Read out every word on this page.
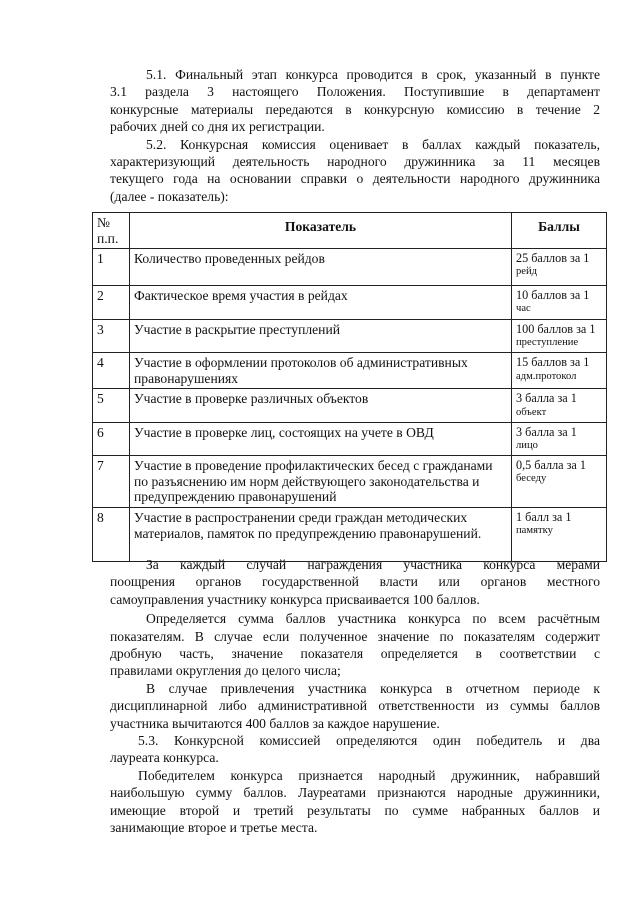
5.1. Финальный этап конкурса проводится в срок, указанный в пункте
3.1 раздела 3 настоящего Положения. Поступившие в департамент
конкурсные материалы передаются в конкурсную комиссию в течение 2
рабочих дней со дня их регистрации.

5.2. Конкурсная комиссия оценивает в баллах каждый показатель,
характеризующий деятельность народного дружинника за 11 месяцев
текущего года на основании справки о деятельности народного дружинника
(далее - показатель):

№ п.п.	Показатель	Баллы
1	Количество проведенных рейдов	25 баллов за 1
рейд

2	Фактическое время участия в рейдах	10 баллов за 1
час

3	Участие в раскрытие преступлений	100 баллов за 1
преступление

4	Участие в оформлении протоколов об административных правонарушениях	15 баллов за 1
адм.протокол

5	Участие в проверке различных объектов	3 балла за 1
объект

6	Участие в проверке лиц, состоящих на учете в ОВД	3 балла за 1
лицо

7	Участие в проведение профилактических бесед с гражданами по разъяснению им норм действующего законодательства и предупреждению правонарушений	0,5 балла за 1
беседу

8	Участие в распространении среди граждан методических материалов, памяток по предупреждению правонарушений.	1 балл за 1
памятку

За каждый случай награждения участника конкурса мерами
поощрения органов государственной власти или органов местного
самоуправления участнику конкурса присваивается 100 баллов.

Определяется сумма баллов участника конкурса по всем расчётным
показателям. В случае если полученное значение по показателям содержит
дробную часть, значение показателя определяется в соответствии с
правилами округления до целого числа;

В случае привлечения участника конкурса в отчетном периоде к
дисциплинарной либо административной ответственности из суммы баллов
участника вычитаются 400 баллов за каждое нарушение.

5.3. Конкурсной комиссией определяются один победитель и два
лауреата конкурса.

Победителем конкурса признается народный дружинник, набравший
наибольшую сумму баллов. Лауреатами признаются народные дружинники,
имеющие второй и третий результаты по сумме набранных баллов и
занимающие второе и третье места.
